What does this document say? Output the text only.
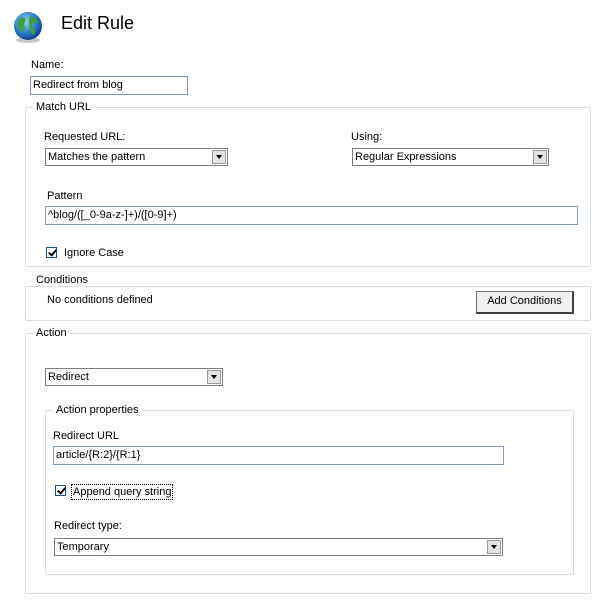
Edit Rule
Name:
Redirect from blog
Match URL
Requested URL:
Matches the pattern
Using:
Regular Expressions
Pattern
^blog/([_0-9a-z-]+)/([0-9]+)
Ignore Case
Conditions
No conditions defined	Add Conditions
Action
Redirect
Action properties
Redirect URL
article/{R:2}/{R:1}
Append query string
Redirect type:
Temporary
